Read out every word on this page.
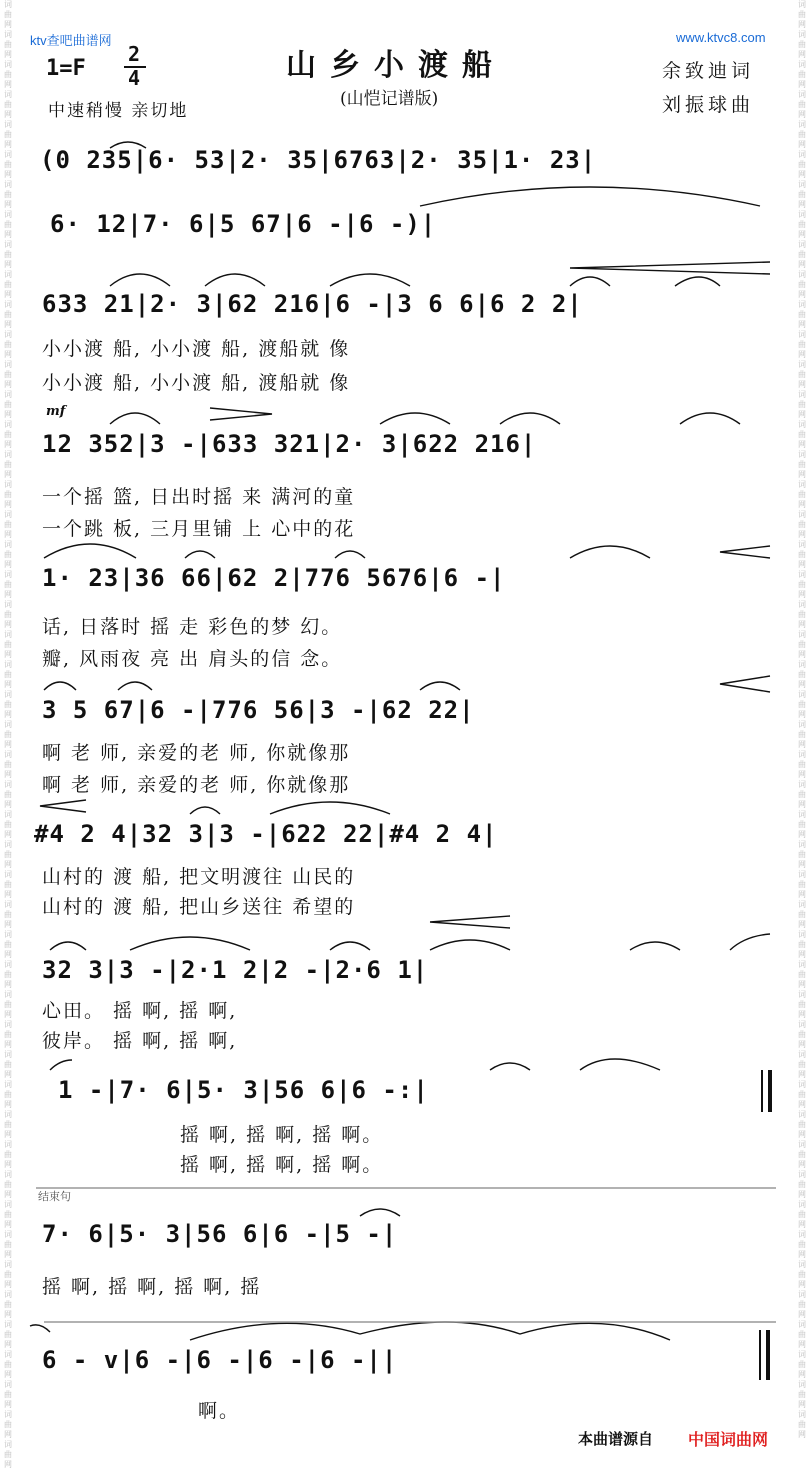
词曲网词曲网词曲网词曲网词曲网词曲网词曲网词曲网词曲网词曲网词曲网词曲网词曲网词曲网词曲网词曲网词曲网词曲网词曲网词曲网词曲网词曲网词曲网词曲网词曲网词曲网词曲网词曲网词曲网词曲网词曲网词曲网词曲网词曲网词曲网词曲网词曲网词曲网词曲网词曲网词曲网词曲网词曲网词曲网词曲网词曲网词曲网词曲网词曲网
词曲网词曲网词曲网词曲网词曲网词曲网词曲网词曲网词曲网词曲网词曲网词曲网词曲网词曲网词曲网词曲网词曲网词曲网词曲网词曲网词曲网词曲网词曲网词曲网词曲网词曲网词曲网词曲网词曲网词曲网词曲网词曲网词曲网词曲网词曲网词曲网词曲网词曲网词曲网词曲网词曲网词曲网词曲网词曲网词曲网词曲网词曲网词曲网
ktv查吧曲谱网	www.ktvc8.com
山乡小渡船
(山恺记谱版)
余致迪词
刘振球曲
1=F
2
4
中速稍慢 亲切地
(0 235|6· 53|2· 35|6763|2· 35|1· 23|
6· 12|7· 6|5 67|6 -|6 -)|
633 21|2· 3|62 216|6 -|3 6 6|6 2 2|
小小渡 船, 小小渡 船, 渡船就 像
小小渡 船, 小小渡 船, 渡船就 像
mf
12 352|3 -|633 321|2· 3|622 216|
一个摇 篮, 日出时摇 来 满河的童
一个跳 板, 三月里铺 上 心中的花
1· 23|36 66|62 2|776 5676|6 -|
话, 日落时 摇 走 彩色的梦 幻。
瓣, 风雨夜 亮 出 肩头的信 念。
3 5 67|6 -|776 56|3 -|62 22|
啊 老 师, 亲爱的老 师, 你就像那
啊 老 师, 亲爱的老 师, 你就像那
#4 2 4|32 3|3 -|622 22|#4 2 4|
山村的 渡 船, 把文明渡往 山民的
山村的 渡 船, 把山乡送往 希望的
32 3|3 -|2·1 2|2 -|2·6 1|
心田。 摇 啊, 摇 啊,
彼岸。 摇 啊, 摇 啊,
1 -|7· 6|5· 3|56 6|6 -:|
摇 啊, 摇 啊, 摇 啊。
摇 啊, 摇 啊, 摇 啊。
结束句
7· 6|5· 3|56 6|6 -|5 -|
摇 啊, 摇 啊, 摇 啊, 摇
6 - v|6 -|6 -|6 -|6 -||
啊。
本曲谱源自 中国词曲网
